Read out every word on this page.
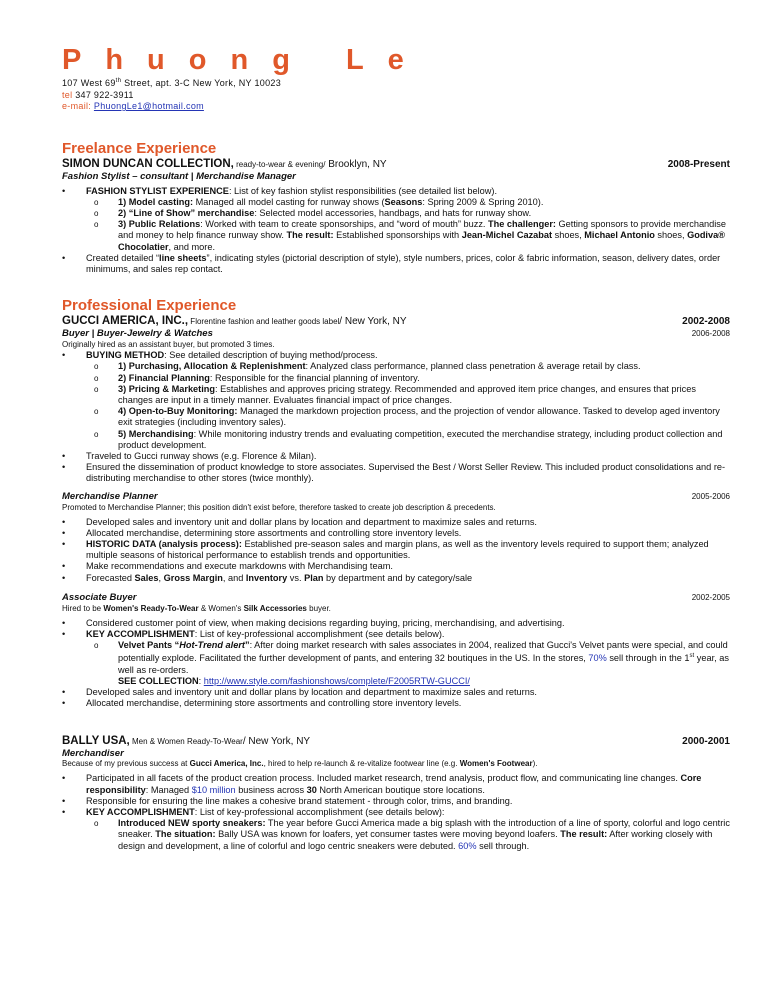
Phuong Le
107 West 69th Street, apt. 3-C New York, NY 10023
tel 347 922-3911
e-mail: PhuongLe1@hotmail.com
Freelance Experience
SIMON DUNCAN COLLECTION, ready-to-wear & evening/ Brooklyn, NY	2008-Present
Fashion Stylist – consultant | Merchandise Manager
• FASHION STYLIST EXPERIENCE: List of key fashion stylist responsibilities (see detailed list below).
o 1) Model casting: Managed all model casting for runway shows (Seasons: Spring 2009 & Spring 2010).
o 2) “Line of Show” merchandise: Selected model accessories, handbags, and hats for runway show.
o 3) Public Relations: Worked with team to create sponsorships, and “word of mouth” buzz. The challenger: Getting sponsors to provide merchandise and money to help finance runway show. The result: Established sponsorships with Jean-Michel Cazabat shoes, Michael Antonio shoes, Godiva® Chocolatier, and more.
• Created detailed “line sheets”, indicating styles (pictorial description of style), style numbers, prices, color & fabric information, season, delivery dates, order minimums, and sales rep contact.
Professional Experience
GUCCI AMERICA, INC., Florentine fashion and leather goods label/ New York, NY	2002-2008
Buyer | Buyer-Jewelry & Watches	2006-2008
Originally hired as an assistant buyer, but promoted 3 times.
• BUYING METHOD: See detailed description of buying method/process.
o 1) Purchasing, Allocation & Replenishment: Analyzed class performance, planned class penetration & average retail by class.
o 2) Financial Planning: Responsible for the financial planning of inventory.
o 3) Pricing & Marketing: Establishes and approves pricing strategy. Recommended and approved item price changes, and ensures that prices changes are input in a timely manner. Evaluates financial impact of price changes.
o 4) Open-to-Buy Monitoring: Managed the markdown projection process, and the projection of vendor allowance. Tasked to develop aged inventory exit strategies (including inventory sales).
o 5) Merchandising: While monitoring industry trends and evaluating competition, executed the merchandise strategy, including product collection and product development.
• Traveled to Gucci runway shows (e.g. Florence & Milan).
• Ensured the dissemination of product knowledge to store associates. Supervised the Best / Worst Seller Review. This included product consolidations and re-distributing merchandise to other stores (twice monthly).
Merchandise Planner	2005-2006
Promoted to Merchandise Planner; this position didn't exist before, therefore tasked to create job description & precedents.
• Developed sales and inventory unit and dollar plans by location and department to maximize sales and returns.
• Allocated merchandise, determining store assortments and controlling store inventory levels.
• HISTORIC DATA (analysis process): Established pre-season sales and margin plans, as well as the inventory levels required to support them; analyzed multiple seasons of historical performance to establish trends and opportunities.
• Make recommendations and execute markdowns with Merchandising team.
• Forecasted Sales, Gross Margin, and Inventory vs. Plan by department and by category/sale
Associate Buyer	2002-2005
Hired to be Women's Ready-To-Wear & Women's Silk Accessories buyer.
• Considered customer point of view, when making decisions regarding buying, pricing, merchandising, and advertising.
• KEY ACCOMPLISHMENT: List of key-professional accomplishment (see details below).
o Velvet Pants “Hot-Trend alert”: After doing market research with sales associates in 2004, realized that Gucci's Velvet pants were special, and could potentially explode. Facilitated the further development of pants, and entering 32 boutiques in the US. In the stores, 70% sell through in the 1st year, as well as re-orders.
SEE COLLECTION: http://www.style.com/fashionshows/complete/F2005RTW-GUCCI/
• Developed sales and inventory unit and dollar plans by location and department to maximize sales and returns.
• Allocated merchandise, determining store assortments and controlling store inventory levels.
BALLY USA, Men & Women Ready-To-Wear/ New York, NY	2000-2001
Merchandiser
Because of my previous success at Gucci America, Inc., hired to help re-launch & re-vitalize footwear line (e.g. Women's Footwear).
• Participated in all facets of the product creation process. Included market research, trend analysis, product flow, and communicating line changes. Core responsibility: Managed $10 million business across 30 North American boutique store locations.
• Responsible for ensuring the line makes a cohesive brand statement - through color, trims, and branding.
• KEY ACCOMPLISHMENT: List of key-professional accomplishment (see details below):
o Introduced NEW sporty sneakers: The year before Gucci America made a big splash with the introduction of a line of sporty, colorful and logo centric sneaker. The situation: Bally USA was known for loafers, yet consumer tastes were moving beyond loafers. The result: After working closely with design and development, a line of colorful and logo centric sneakers were debuted. 60% sell through.
